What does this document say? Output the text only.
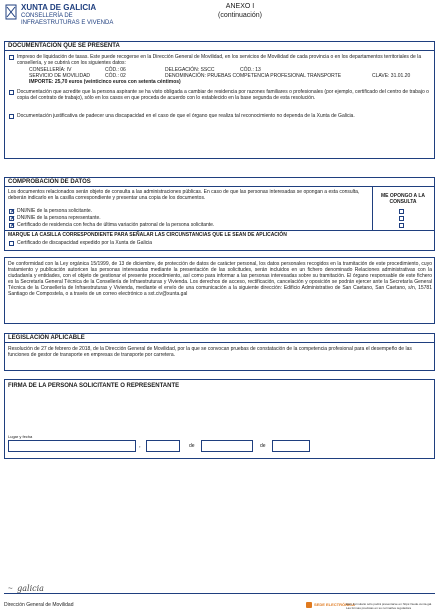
XUNTA DE GALICIA
CONSELLERÍA DE
INFRAESTRUTURAS E VIVENDA
ANEXO I
(continuación)
DOCUMENTACIÓN QUE SE PRESENTA
Impreso de liquidación de tasas. Este puede recogerse en la Dirección General de Movilidad, en los servicios de Movilidad de cada provincia o en los departamentos territoriales de la consellería, y se cubrirá con los siguientes datos:
CONSELLERÍA: IV	CÓD.: 06	DELEGACIÓN: SSCC	CÓD.: 13
SERVICIO DE MOVILIDAD	CÓD.: 02	DENOMINACIÓN: PRUEBAS COMPETENCIA PROFESIONAL TRANSPORTE	CLAVE: 31.01.20
IMPORTE: 25,70 euros (veinticinco euros con setenta céntimos)
Documentación que acredite que la persona aspirante se ha visto obligada a cambiar de residencia por razones familiares o profesionales (por ejemplo, certificado del centro de trabajo o copia del contrato de trabajo), sólo en los casos en que proceda de acuerdo con lo establecido en la base segunda de esta resolución.
Documentación justificativa de padecer una discapacidad en el caso de que el órgano que realiza tal reconocimiento no dependa de la Xunta de Galicia.
COMPROBACIÓN DE DATOS
Los documentos relacionados serán objeto de consulta a las administraciones públicas. En caso de que las personas interesadas se opongan a esta consulta, deberán indicarlo en la casilla correspondiente y presentar una copia de los documentos.	ME OPONGO A LA CONSULTA
✕ DNI/NIE de la persona solicitante.
✕ DNI/NIE de la persona representante.
✕ Certificado de residencia con fecha de última variación patronal de la persona solicitante.
MARQUE LA CASILLA CORRESPONDIENTE PARA SEÑALAR LAS CIRCUNSTANCIAS QUE LE SEAN DE APLICACIÓN
Certificado de discapacidad expedido por la Xunta de Galicia
De conformidad con la Ley orgánica 15/1999, de 13 de diciembre, de protección de datos de carácter personal, los datos personales recogidos en la tramitación de este procedimiento, cuyo tratamiento y publicación autoricen las personas interesadas mediante la presentación de las solicitudes, serán incluidos en un fichero denominado Relaciones administrativas con la ciudadanía y entidades, con el objeto de gestionar el presente procedimiento, así como para informar a las personas interesadas sobre su tramitación. El órgano responsable de este fichero es la Secretaría General Técnica de la Consellería de Infraestruturas y Vivienda. Los derechos de acceso, rectificación, cancelación y oposición se podrán ejercer ante la Secretaría General Técnica de la Consellería de Infraestruturas y Vivienda, mediante el envío de una comunicación a la siguiente dirección: Edificio Administrativo de San Caetano, San Caetano, s/n, 15781 Santiago de Compostela, o a través de un correo electrónico a sxt.civ@xunta.gal
LEGISLACIÓN APLICABLE
Resolución de 27 de febrero de 2018, de la Dirección General de Movilidad, por la que se convocan pruebas de constatación de la competencia profesional para el desempeño de las funciones de gestor de transporte en empresas de transporte por carretera.
FIRMA DE LA PERSONA SOLICITANTE O REPRESENTANTE
Lugar y fecha
,	de	de
~ galicia
Dirección General de Movilidad	SEDE ELECTRÓNICA
Este formulario sólo podrá presentarse en https://sede.xunta.gal. Las formas previstas en su normativa reguladora
